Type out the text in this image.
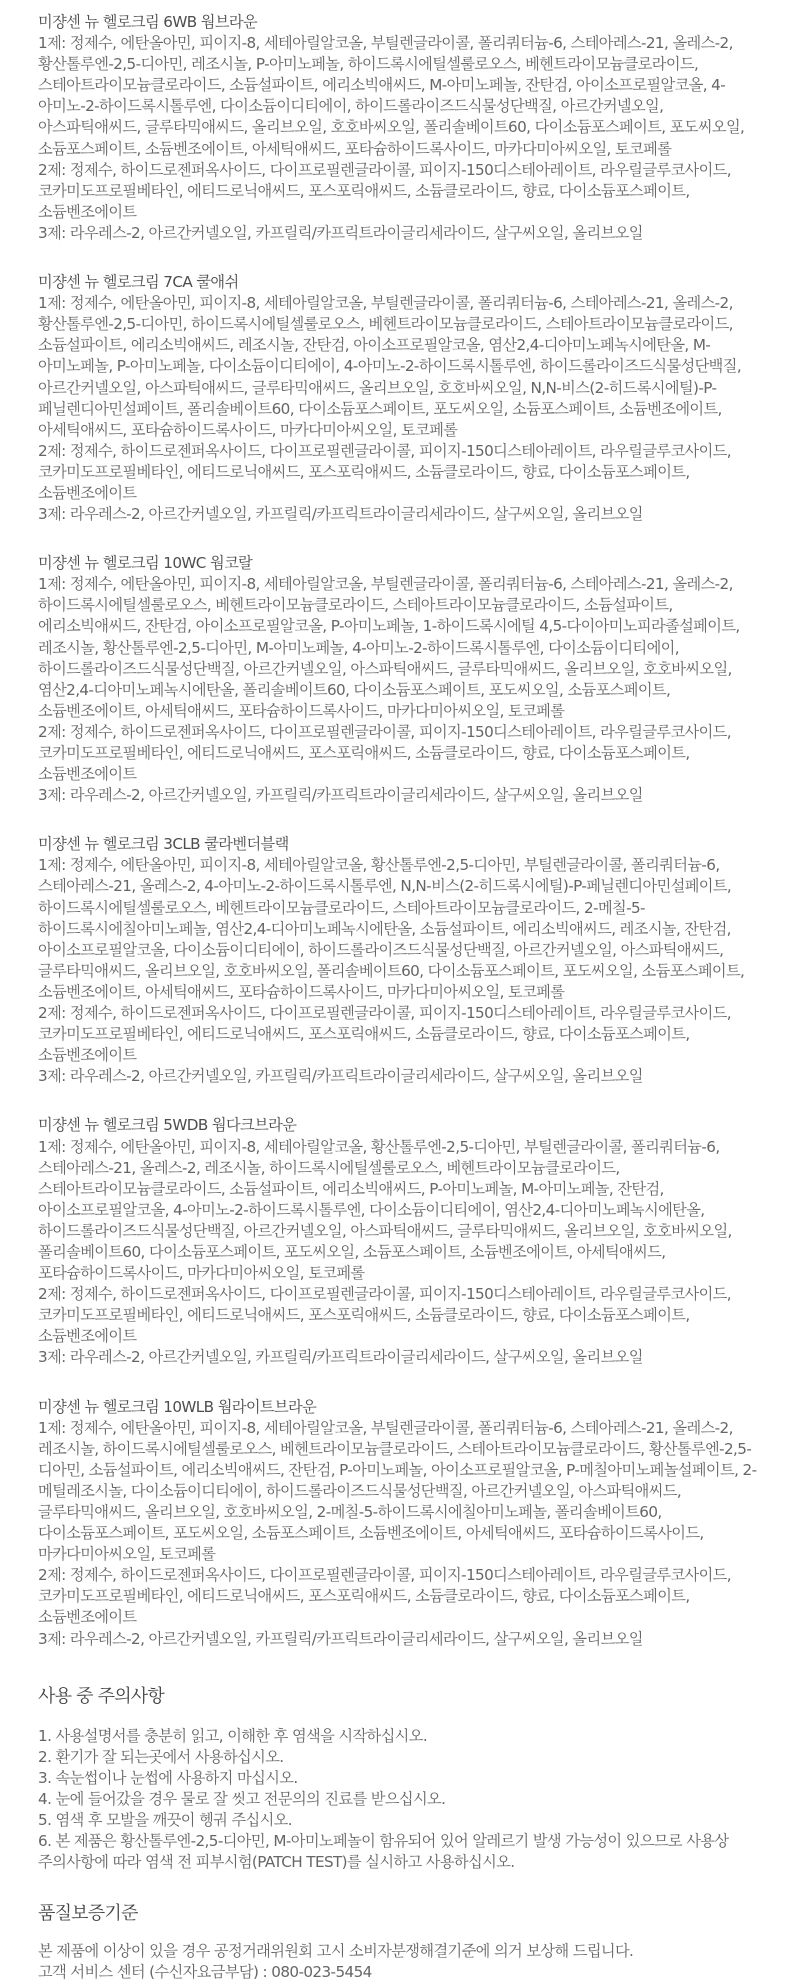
미쟝센 뉴 헬로크림 6WB 웜브라운
1제: 정제수, 에탄올아민, 피이지-8, 세테아릴알코올, 부틸렌글라이콜, 폴리쿼터늄-6, 스테아레스-21, 올레스-2, 황산톨루엔-2,5-디아민, 레조시놀, P-아미노페놀, 하이드록시에틸셀룰로오스, 베헨트라이모늄클로라이드, 스테아트라이모늄클로라이드, 소듐설파이트, 에리소빅애씨드, M-아미노페놀, 잔탄검, 아이소프로필알코올, 4-아미노-2-하이드록시톨루엔, 다이소듐이디티에이, 하이드롤라이즈드식물성단백질, 아르간커넬오일, 아스파틱애씨드, 글루타믹애씨드, 올리브오일, 호호바씨오일, 폴리솔베이트60, 다이소듐포스페이트, 포도씨오일, 소듐포스페이트, 소듐벤조에이트, 아세틱애씨드, 포타슘하이드록사이드, 마카다미아씨오일, 토코페롤
2제: 정제수, 하이드로젠퍼옥사이드, 다이프로필렌글라이콜, 피이지-150디스테아레이트, 라우릴글루코사이드, 코카미도프로필베타인, 에티드로닉애씨드, 포스포릭애씨드, 소듐클로라이드, 향료, 다이소듐포스페이트, 소듐벤조에이트
3제: 라우레스-2, 아르간커넬오일, 카프릴릭/카프릭트라이글리세라이드, 살구씨오일, 올리브오일
미쟝센 뉴 헬로크림 7CA 쿨애쉬
1제: 정제수, 에탄올아민, 피이지-8, 세테아릴알코올, 부틸렌글라이콜, 폴리쿼터늄-6, 스테아레스-21, 올레스-2, 황산톨루엔-2,5-디아민, 하이드록시에틸셀룰로오스, 베헨트라이모늄클로라이드, 스테아트라이모늄클로라이드, 소듐설파이트, 에리소빅애씨드, 레조시놀, 잔탄검, 아이소프로필알코올, 염산2,4-디아미노페녹시에탄올, M-아미노페놀, P-아미노페놀, 다이소듐이디티에이, 4-아미노-2-하이드록시톨루엔, 하이드롤라이즈드식물성단백질, 아르간커넬오일, 아스파틱애씨드, 글루타믹애씨드, 올리브오일, 호호바씨오일, N,N-비스(2-히드록시에틸)-P-페닐렌디아민설페이트, 폴리솔베이트60, 다이소듐포스페이트, 포도씨오일, 소듐포스페이트, 소듐벤조에이트, 아세틱애씨드, 포타슘하이드록사이드, 마카다미아씨오일, 토코페롤
2제: 정제수, 하이드로젠퍼옥사이드, 다이프로필렌글라이콜, 피이지-150디스테아레이트, 라우릴글루코사이드, 코카미도프로필베타인, 에티드로닉애씨드, 포스포릭애씨드, 소듐클로라이드, 향료, 다이소듐포스페이트, 소듐벤조에이트
3제: 라우레스-2, 아르간커넬오일, 카프릴릭/카프릭트라이글리세라이드, 살구씨오일, 올리브오일
미쟝센 뉴 헬로크림 10WC 웜코랄
1제: 정제수, 에탄올아민, 피이지-8, 세테아릴알코올, 부틸렌글라이콜, 폴리쿼터늄-6, 스테아레스-21, 올레스-2, 하이드록시에틸셀룰로오스, 베헨트라이모늄클로라이드, 스테아트라이모늄클로라이드, 소듐설파이트, 에리소빅애씨드, 잔탄검, 아이소프로필알코올, P-아미노페놀, 1-하이드록시에틸 4,5-다이아미노피라졸설페이트, 레조시놀, 황산톨루엔-2,5-디아민, M-아미노페놀, 4-아미노-2-하이드록시톨루엔, 다이소듐이디티에이, 하이드롤라이즈드식물성단백질, 아르간커넬오일, 아스파틱애씨드, 글루타믹애씨드, 올리브오일, 호호바씨오일, 염산2,4-디아미노페녹시에탄올, 폴리솔베이트60, 다이소듐포스페이트, 포도씨오일, 소듐포스페이트, 소듐벤조에이트, 아세틱애씨드, 포타슘하이드록사이드, 마카다미아씨오일, 토코페롤
2제: 정제수, 하이드로젠퍼옥사이드, 다이프로필렌글라이콜, 피이지-150디스테아레이트, 라우릴글루코사이드, 코카미도프로필베타인, 에티드로닉애씨드, 포스포릭애씨드, 소듐클로라이드, 향료, 다이소듐포스페이트, 소듐벤조에이트
3제: 라우레스-2, 아르간커넬오일, 카프릴릭/카프릭트라이글리세라이드, 살구씨오일, 올리브오일
미쟝센 뉴 헬로크림 3CLB 쿨라벤더블랙
1제: 정제수, 에탄올아민, 피이지-8, 세테아릴알코올, 황산톨루엔-2,5-디아민, 부틸렌글라이콜, 폴리쿼터늄-6, 스테아레스-21, 올레스-2, 4-아미노-2-하이드록시톨루엔, N,N-비스(2-히드록시에틸)-P-페닐렌디아민설페이트, 하이드록시에틸셀룰로오스, 베헨트라이모늄클로라이드, 스테아트라이모늄클로라이드, 2-메칠-5-하이드록시에칠아미노페놀, 염산2,4-디아미노페녹시에탄올, 소듐설파이트, 에리소빅애씨드, 레조시놀, 잔탄검, 아이소프로필알코올, 다이소듐이디티에이, 하이드롤라이즈드식물성단백질, 아르간커넬오일, 아스파틱애씨드, 글루타믹애씨드, 올리브오일, 호호바씨오일, 폴리솔베이트60, 다이소듐포스페이트, 포도씨오일, 소듐포스페이트, 소듐벤조에이트, 아세틱애씨드, 포타슘하이드록사이드, 마카다미아씨오일, 토코페롤
2제: 정제수, 하이드로젠퍼옥사이드, 다이프로필렌글라이콜, 피이지-150디스테아레이트, 라우릴글루코사이드, 코카미도프로필베타인, 에티드로닉애씨드, 포스포릭애씨드, 소듐클로라이드, 향료, 다이소듐포스페이트, 소듐벤조에이트
3제: 라우레스-2, 아르간커넬오일, 카프릴릭/카프릭트라이글리세라이드, 살구씨오일, 올리브오일
미쟝센 뉴 헬로크림 5WDB 웜다크브라운
1제: 정제수, 에탄올아민, 피이지-8, 세테아릴알코올, 황산톨루엔-2,5-디아민, 부틸렌글라이콜, 폴리쿼터늄-6, 스테아레스-21, 올레스-2, 레조시놀, 하이드록시에틸셀룰로오스, 베헨트라이모늄클로라이드, 스테아트라이모늄클로라이드, 소듐설파이트, 에리소빅애씨드, P-아미노페놀, M-아미노페놀, 잔탄검, 아이소프로필알코올, 4-아미노-2-하이드록시톨루엔, 다이소듐이디티에이, 염산2,4-디아미노페녹시에탄올, 하이드롤라이즈드식물성단백질, 아르간커넬오일, 아스파틱애씨드, 글루타믹애씨드, 올리브오일, 호호바씨오일, 폴리솔베이트60, 다이소듐포스페이트, 포도씨오일, 소듐포스페이트, 소듐벤조에이트, 아세틱애씨드, 포타슘하이드록사이드, 마카다미아씨오일, 토코페롤
2제: 정제수, 하이드로젠퍼옥사이드, 다이프로필렌글라이콜, 피이지-150디스테아레이트, 라우릴글루코사이드, 코카미도프로필베타인, 에티드로닉애씨드, 포스포릭애씨드, 소듐클로라이드, 향료, 다이소듐포스페이트, 소듐벤조에이트
3제: 라우레스-2, 아르간커넬오일, 카프릴릭/카프릭트라이글리세라이드, 살구씨오일, 올리브오일
미쟝센 뉴 헬로크림 10WLB 웜라이트브라운
1제: 정제수, 에탄올아민, 피이지-8, 세테아릴알코올, 부틸렌글라이콜, 폴리쿼터늄-6, 스테아레스-21, 올레스-2, 레조시놀, 하이드록시에틸셀룰로오스, 베헨트라이모늄클로라이드, 스테아트라이모늄클로라이드, 황산톨루엔-2,5-디아민, 소듐설파이트, 에리소빅애씨드, 잔탄검, P-아미노페놀, 아이소프로필알코올, P-메칠아미노페놀설페이트, 2-메틸레조시놀, 다이소듐이디티에이, 하이드롤라이즈드식물성단백질, 아르간커넬오일, 아스파틱애씨드, 글루타믹애씨드, 올리브오일, 호호바씨오일, 2-메칠-5-하이드록시에칠아미노페놀, 폴리솔베이트60, 다이소듐포스페이트, 포도씨오일, 소듐포스페이트, 소듐벤조에이트, 아세틱애씨드, 포타슘하이드록사이드, 마카다미아씨오일, 토코페롤
2제: 정제수, 하이드로젠퍼옥사이드, 다이프로필렌글라이콜, 피이지-150디스테아레이트, 라우릴글루코사이드, 코카미도프로필베타인, 에티드로닉애씨드, 포스포릭애씨드, 소듐클로라이드, 향료, 다이소듐포스페이트, 소듐벤조에이트
3제: 라우레스-2, 아르간커넬오일, 카프릴릭/카프릭트라이글리세라이드, 살구씨오일, 올리브오일
사용 중 주의사항
1. 사용설명서를 충분히 읽고, 이해한 후 염색을 시작하십시오.
2. 환기가 잘 되는곳에서 사용하십시오.
3. 속눈썹이나 눈썹에 사용하지 마십시오.
4. 눈에 들어갔을 경우 물로 잘 씻고 전문의의 진료를 받으십시오.
5. 염색 후 모발을 깨끗이 헹궈 주십시오.
6. 본 제품은 황산톨루엔-2,5-디아민, M-아미노페놀이 함유되어 있어 알레르기 발생 가능성이 있으므로 사용상 주의사항에 따라 염색 전 피부시험(PATCH TEST)를 실시하고 사용하십시오.
품질보증기준
본 제품에 이상이 있을 경우 공정거래위원회 고시 소비자분쟁해결기준에 의거 보상해 드립니다.
고객 서비스 센터 (수신자요금부담) : 080-023-5454
